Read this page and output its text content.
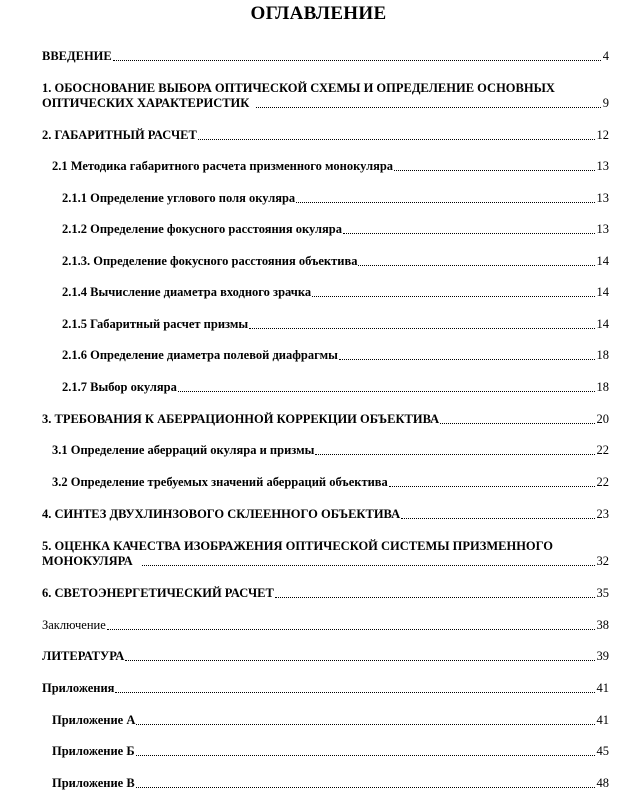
ОГЛАВЛЕНИЕ
ВВЕДЕНИЕ	4
1. ОБОСНОВАНИЕ ВЫБОРА ОПТИЧЕСКОЙ СХЕМЫ И ОПРЕДЕЛЕНИЕ ОСНОВНЫХ ОПТИЧЕСКИХ ХАРАКТЕРИСТИК	9
2. ГАБАРИТНЫЙ РАСЧЕТ	12
2.1 Методика габаритного расчета призменного монокуляра	13
2.1.1 Определение углового поля окуляра	13
2.1.2 Определение фокусного расстояния окуляра	13
2.1.3. Определение фокусного расстояния объектива	14
2.1.4 Вычисление диаметра входного зрачка	14
2.1.5 Габаритный расчет призмы	14
2.1.6 Определение диаметра полевой диафрагмы	18
2.1.7 Выбор окуляра	18
3. ТРЕБОВАНИЯ К АБЕРРАЦИОННОЙ КОРРЕКЦИИ ОБЪЕКТИВА	20
3.1 Определение аберраций окуляра и призмы	22
3.2 Определение требуемых значений аберраций объектива	22
4. СИНТЕЗ ДВУХЛИНЗОВОГО СКЛЕЕННОГО ОБЪЕКТИВА	23
5. ОЦЕНКА КАЧЕСТВА ИЗОБРАЖЕНИЯ ОПТИЧЕСКОЙ СИСТЕМЫ ПРИЗМЕННОГО МОНОКУЛЯРА	32
6. СВЕТОЭНЕРГЕТИЧЕСКИЙ РАСЧЕТ	35
Заключение	38
ЛИТЕРАТУРА	39
Приложения	41
Приложение А	41
Приложение Б	45
Приложение В	48
